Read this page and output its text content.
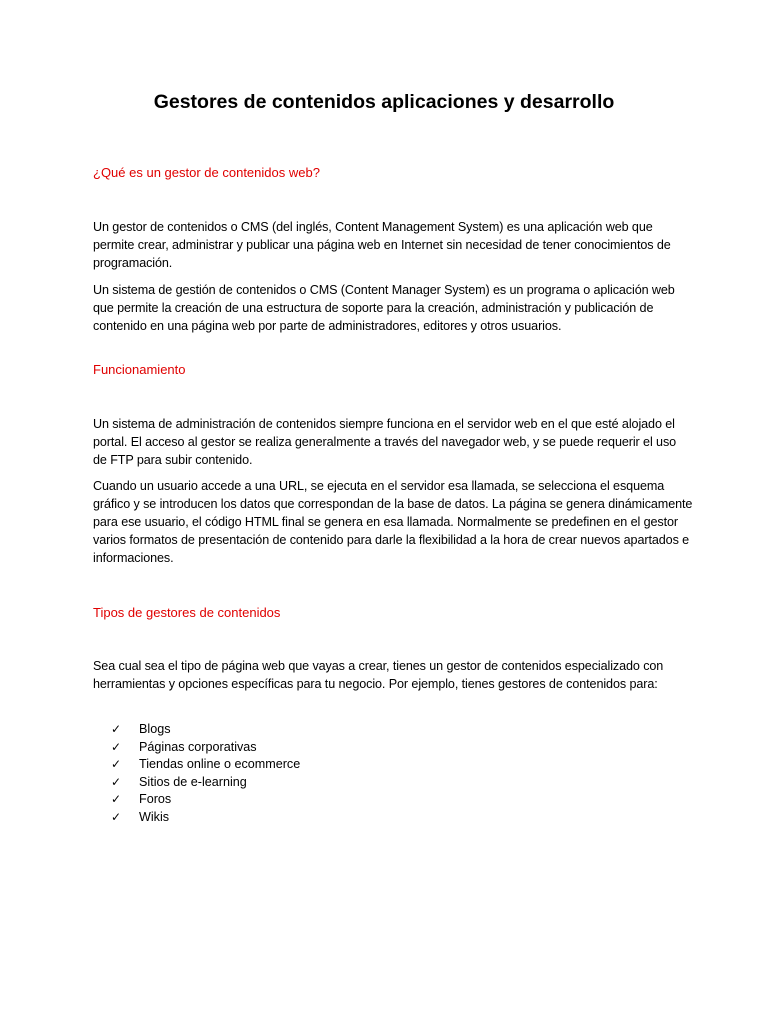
Gestores de contenidos aplicaciones y desarrollo
¿Qué es un gestor de contenidos web?

Un gestor de contenidos o CMS (del inglés, Content Management System) es una aplicación web que permite crear, administrar y publicar una página web en Internet sin necesidad de tener conocimientos de programación.

Un sistema de gestión de contenidos o CMS (Content Manager System) es un programa o aplicación web que permite la creación de una estructura de soporte para la creación, administración y publicación de contenido en una página web por parte de administradores, editores y otros usuarios.

Funcionamiento

Un sistema de administración de contenidos siempre funciona en el servidor web en el que esté alojado el portal. El acceso al gestor se realiza generalmente a través del navegador web, y se puede requerir el uso de FTP para subir contenido.

Cuando un usuario accede a una URL, se ejecuta en el servidor esa llamada, se selecciona el esquema gráfico y se introducen los datos que correspondan de la base de datos. La página se genera dinámicamente para ese usuario, el código HTML final se genera en esa llamada. Normalmente se predefinen en el gestor varios formatos de presentación de contenido para darle la flexibilidad a la hora de crear nuevos apartados e informaciones.

Tipos de gestores de contenidos

Sea cual sea el tipo de página web que vayas a crear, tienes un gestor de contenidos especializado con herramientas y opciones específicas para tu negocio. Por ejemplo, tienes gestores de contenidos para:

✓	Blogs
✓	Páginas corporativas
✓	Tiendas online o ecommerce
✓	Sitios de e-learning
✓	Foros
✓	Wikis
